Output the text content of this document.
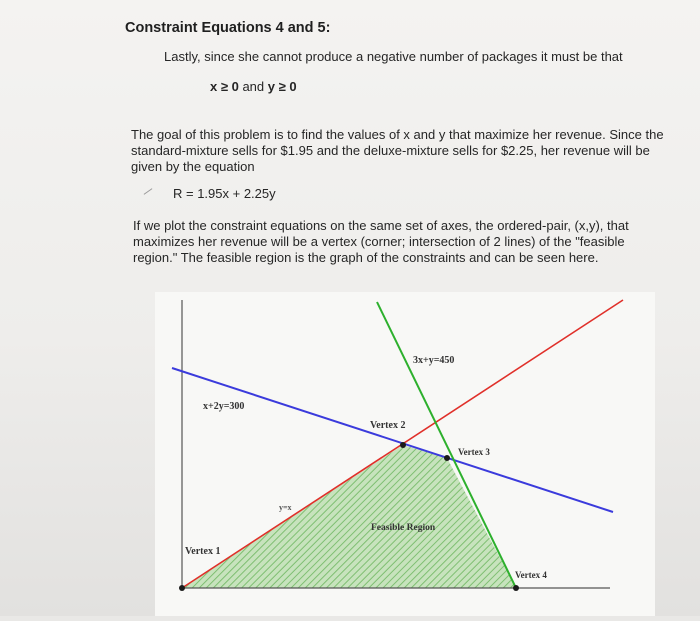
Constraint Equations 4 and 5:
Lastly, since she cannot produce a negative number of packages it must be that
x ≥ 0 and y ≥ 0
The goal of this problem is to find the values of x and y that maximize her revenue. Since the
standard-mixture sells for $1.95 and the deluxe-mixture sells for $2.25, her revenue will be
given by the equation
R = 1.95x + 2.25y
If we plot the constraint equations on the same set of axes, the ordered-pair, (x,y), that
maximizes her revenue will be a vertex (corner; intersection of 2 lines) of the "feasible
region." The feasible region is the graph of the constraints and can be seen here.
3x+y=450
x+2y=300
y=x
Feasible Region
Vertex 1
Vertex 2
Vertex 3
Vertex 4
